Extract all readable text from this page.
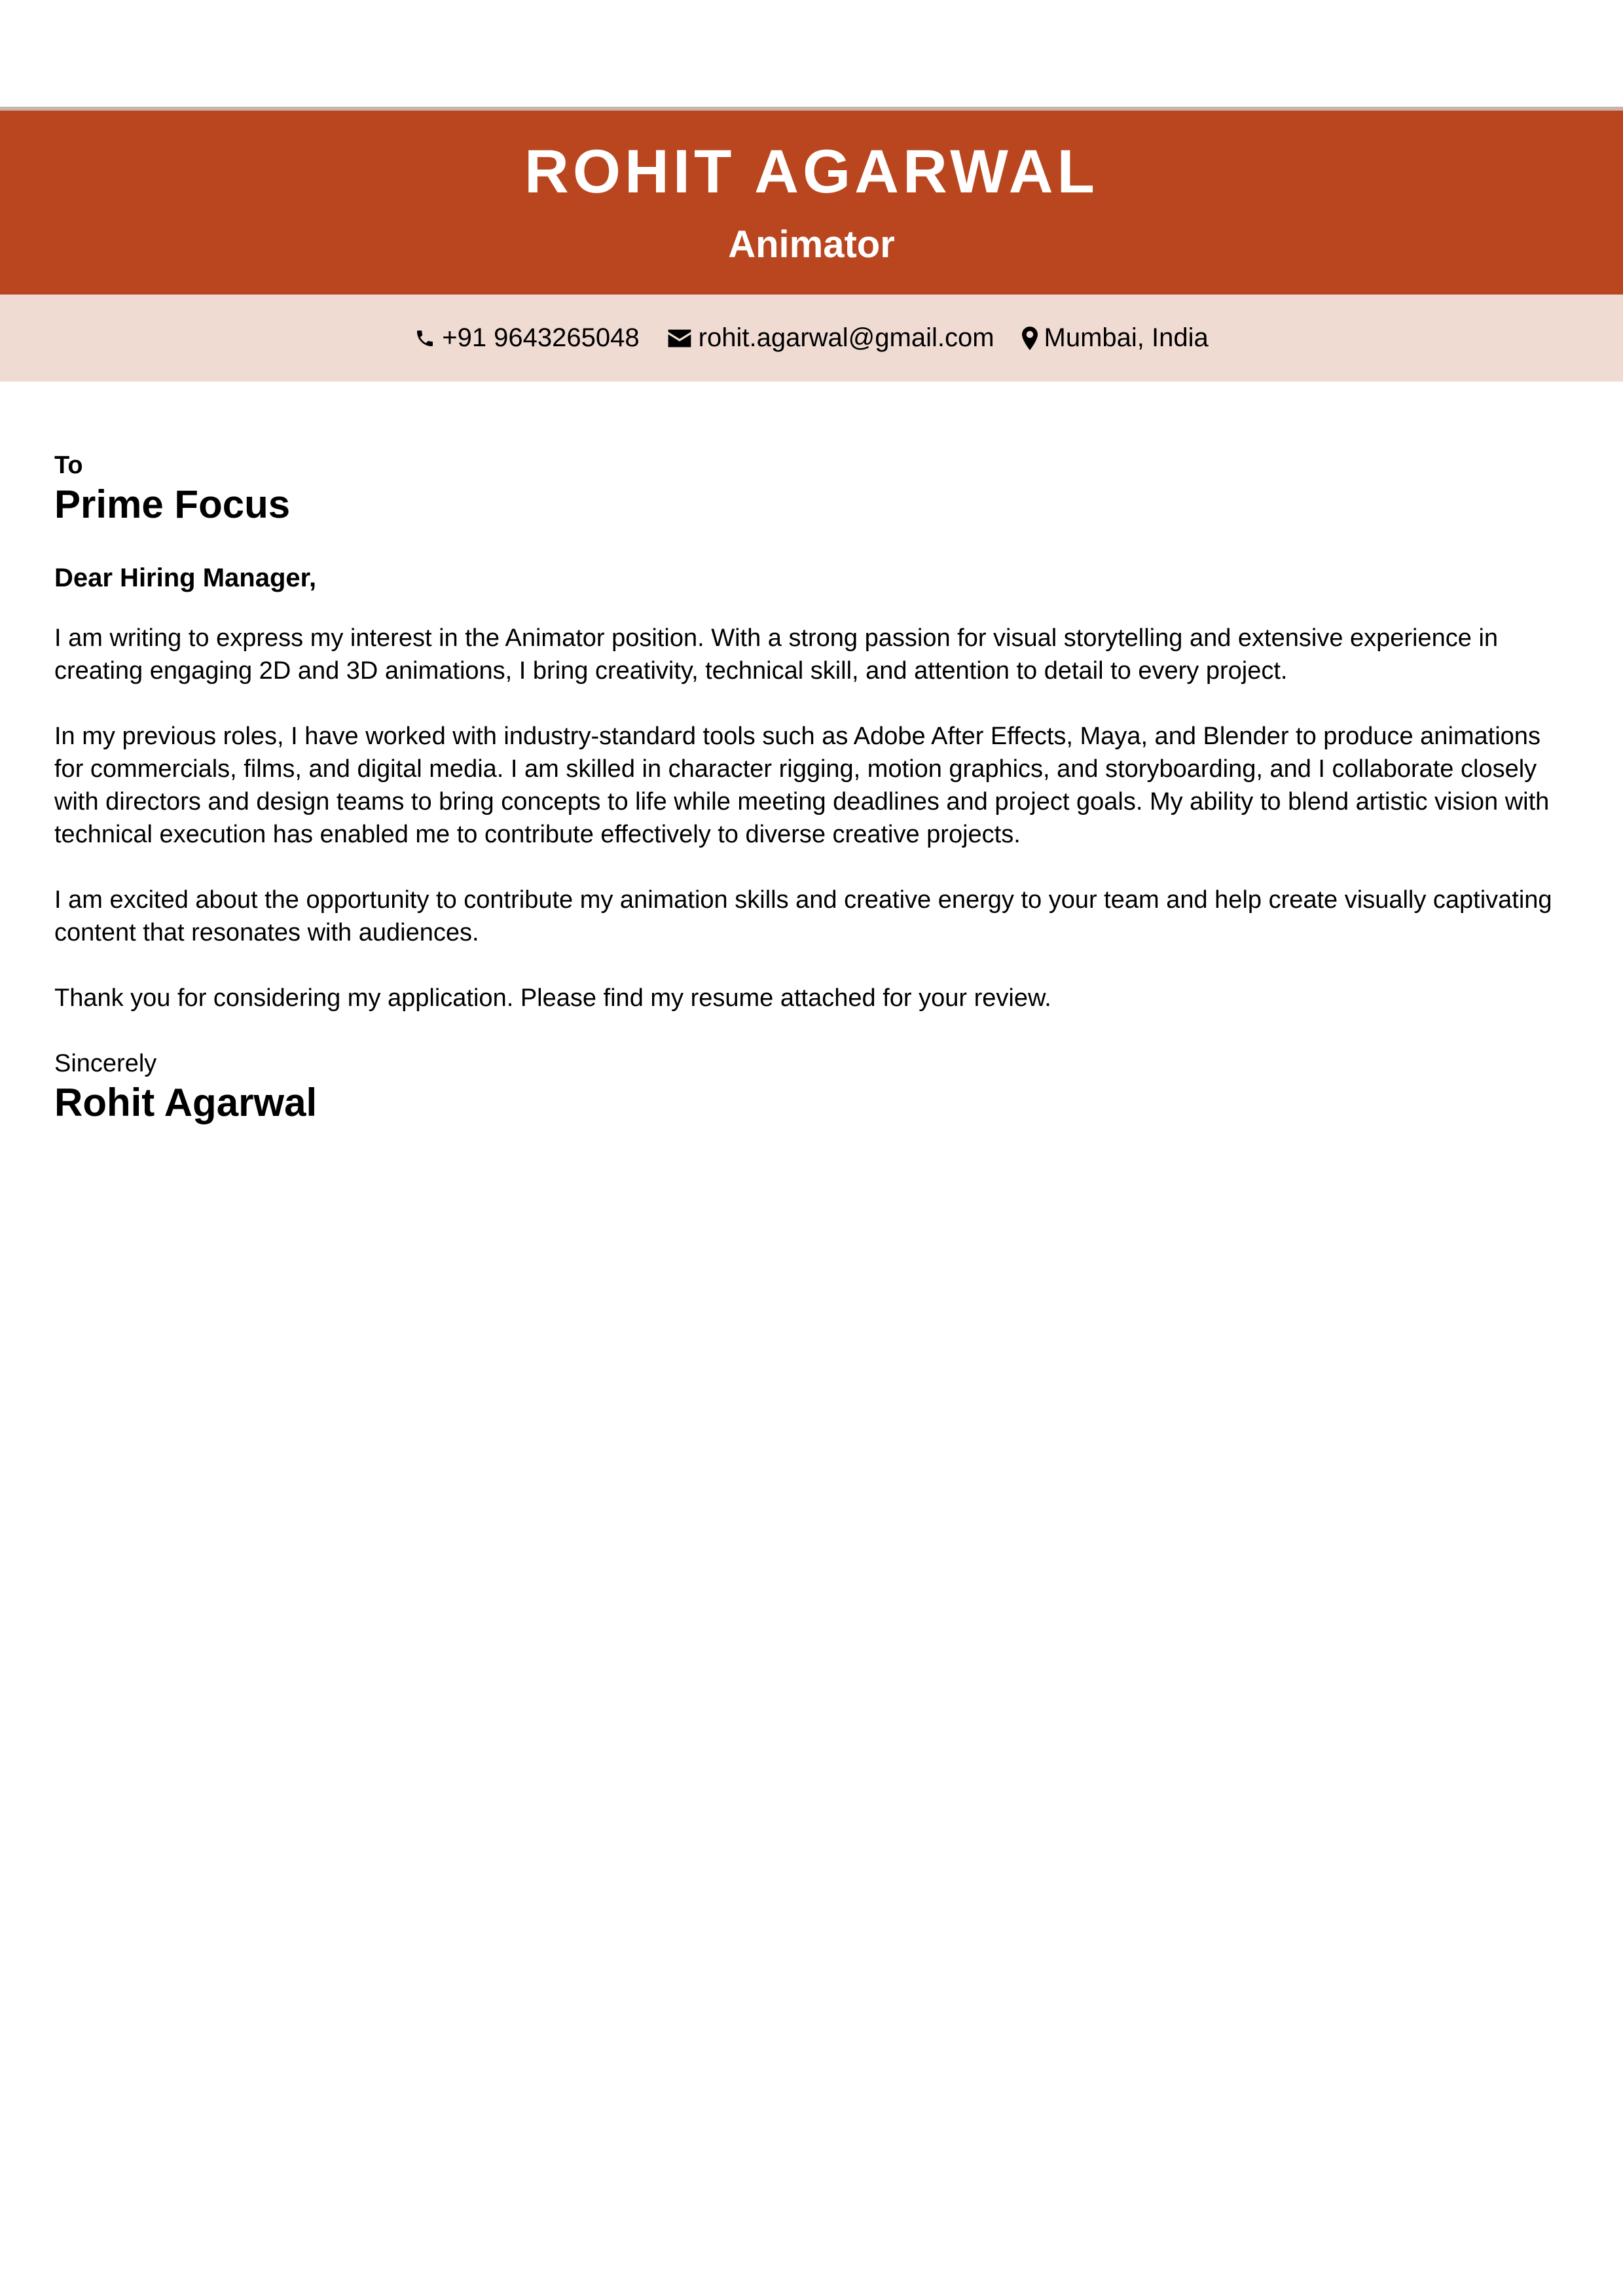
ROHIT AGARWAL
Animator
+91 9643265048 rohit.agarwal@gmail.com Mumbai, India
To
Prime Focus
Dear Hiring Manager,

I am writing to express my interest in the Animator position. With a strong passion for visual storytelling and extensive experience in creating engaging 2D and 3D animations, I bring creativity, technical skill, and attention to detail to every project.

In my previous roles, I have worked with industry-standard tools such as Adobe After Effects, Maya, and Blender to produce animations for commercials, films, and digital media. I am skilled in character rigging, motion graphics, and storyboarding, and I collaborate closely with directors and design teams to bring concepts to life while meeting deadlines and project goals. My ability to blend artistic vision with technical execution has enabled me to contribute effectively to diverse creative projects.

I am excited about the opportunity to contribute my animation skills and creative energy to your team and help create visually captivating content that resonates with audiences.

Thank you for considering my application. Please find my resume attached for your review.

Sincerely
Rohit Agarwal
